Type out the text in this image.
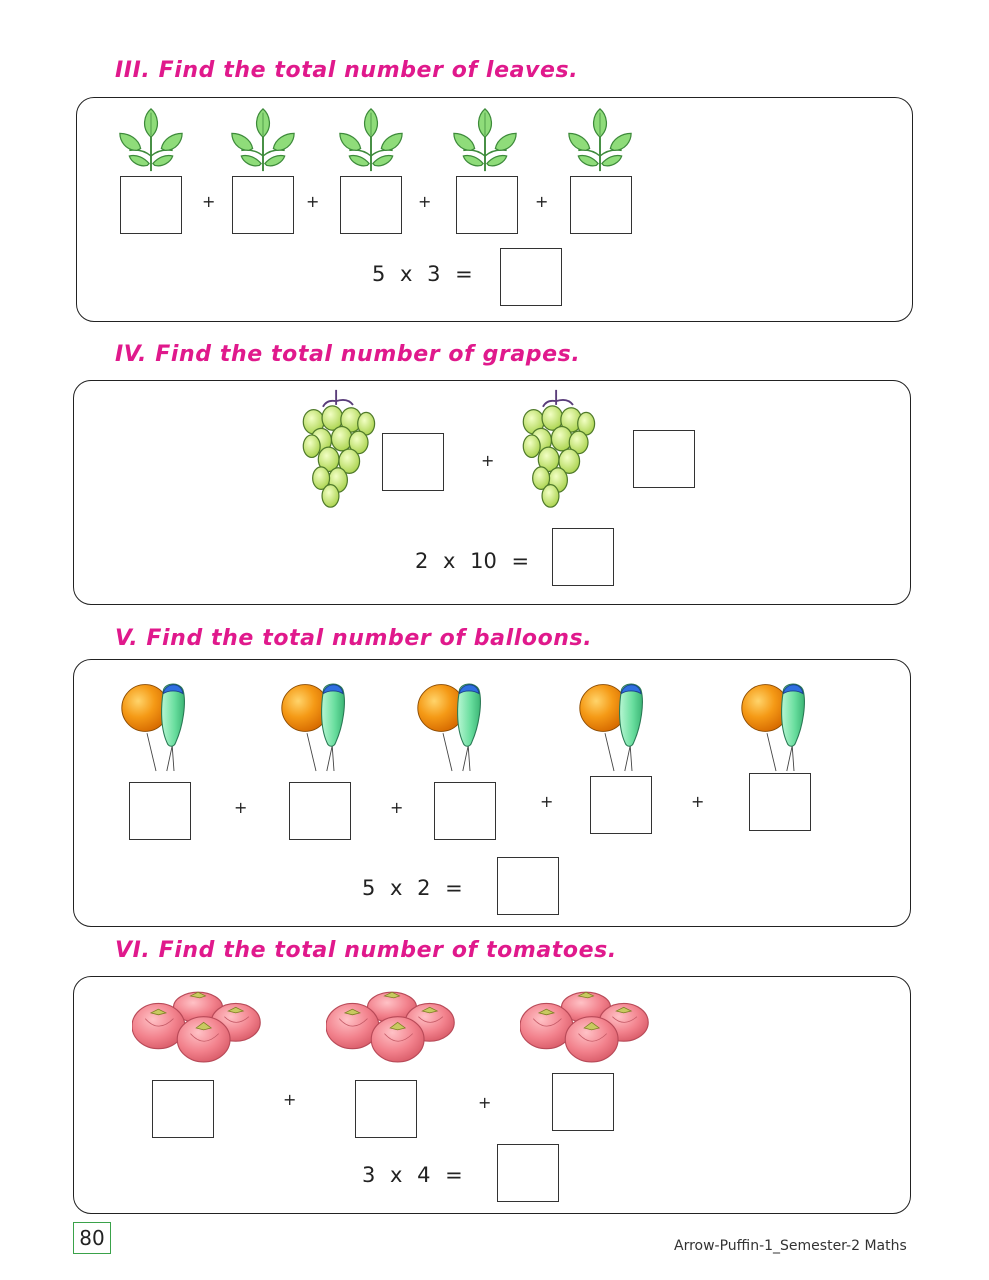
III. Find the total number of leaves.
+	+	+	+
5 x 3 =
IV. Find the total number of grapes.
+
2 x 10 =
V. Find the total number of balloons.
+	+	+	+
5 x 2 =
VI. Find the total number of tomatoes.
+	+
3 x 4 =
80	Arrow-Puffin-1_Semester-2 Maths
